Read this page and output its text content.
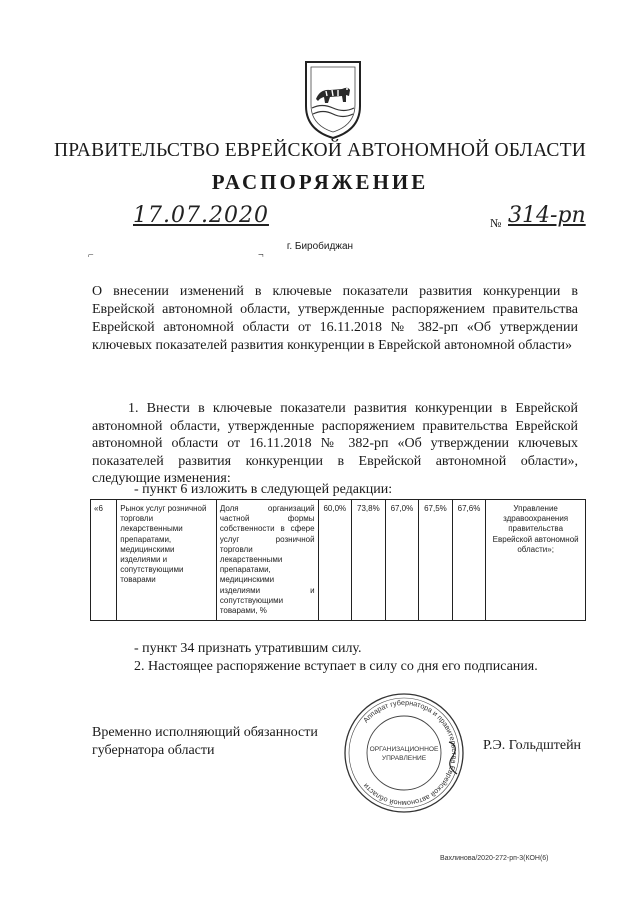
ПРАВИТЕЛЬСТВО ЕВРЕЙСКОЙ АВТОНОМНОЙ ОБЛАСТИ
РАСПОРЯЖЕНИЕ
17.07.2020	№ 314-рп
г. Биробиджан
⌐	¬
О внесении изменений в ключевые показатели развития конкуренции в Еврейской автономной области, утвержденные распоряжением правительства Еврейской автономной области от 16.11.2018 № 382-рп «Об утверждении ключевых показателей развития конкуренции в Еврейской автономной области»
1. Внести в ключевые показатели развития конкуренции в Еврейской автономной области, утвержденные распоряжением правительства Еврейской автономной области от 16.11.2018 № 382-рп «Об утверждении ключевых показателей развития конкуренции в Еврейской автономной области», следующие изменения:
- пункт 6 изложить в следующей редакции:
«6	Рынок услуг розничной торговли лекарственными препаратами, медицинскими изделиями и сопутствующими товарами	Доля организаций частной формы собственности в сфере услуг розничной торговли лекарственными препаратами, медицинскими изделиями и сопутствующими товарами, %	60,0%	73,8%	67,0%	67,5%	67,6%	Управление здравоохранения правительства Еврейской автономной области»;
- пункт 34 признать утратившим силу.
2. Настоящее распоряжение вступает в силу со дня его подписания.
Временно исполняющий обязанности
губернатора области	Р.Э. Гольдштейн
Аппарат губернатора и правительства Еврейской автономной области
ОРГАНИЗАЦИОННОЕ
УПРАВЛЕНИЕ
Вахлинова/2020-272-рп-3(КОН(6)
